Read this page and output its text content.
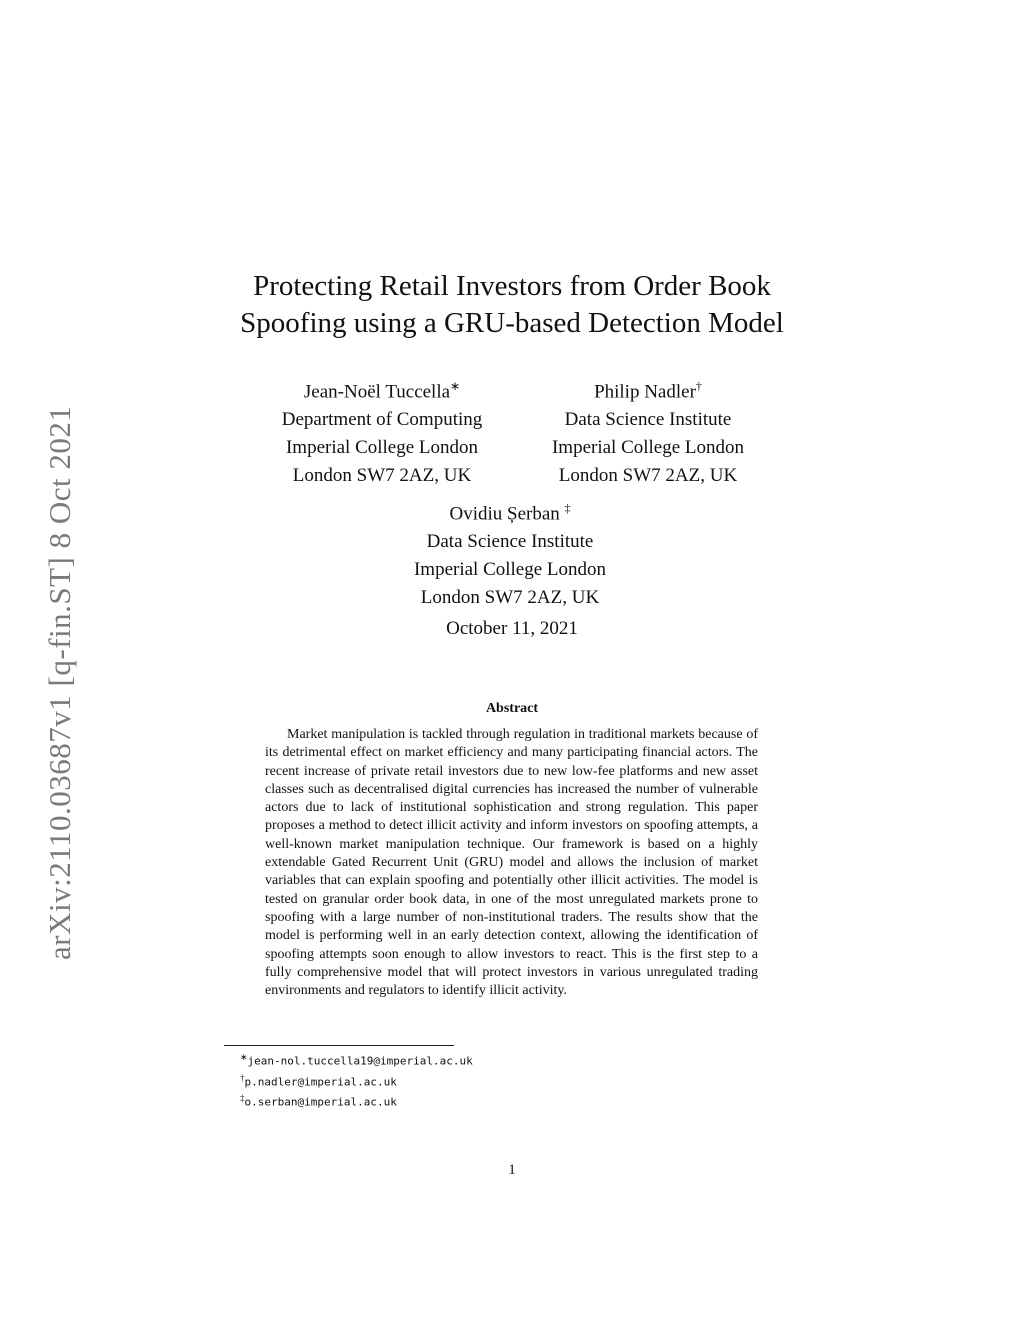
arXiv:2110.03687v1 [q-fin.ST] 8 Oct 2021
Protecting Retail Investors from Order Book
Spoofing using a GRU-based Detection Model
Jean-Noël Tuccella∗
Department of Computing
Imperial College London
London SW7 2AZ, UK
Philip Nadler†
Data Science Institute
Imperial College London
London SW7 2AZ, UK
Ovidiu Șerban ‡
Data Science Institute
Imperial College London
London SW7 2AZ, UK
October 11, 2021
Abstract
Market manipulation is tackled through regulation in traditional markets because of its detrimental effect on market efficiency and many participating financial actors. The recent increase of private retail investors due to new low-fee platforms and new asset classes such as decentralised digital currencies has increased the number of vulnerable actors due to lack of institutional sophistication and strong regulation. This paper proposes a method to detect illicit activity and inform investors on spoofing attempts, a well-known market manipulation technique. Our framework is based on a highly extendable Gated Recurrent Unit (GRU) model and allows the inclusion of market variables that can explain spoofing and potentially other illicit activities. The model is tested on granular order book data, in one of the most unregulated markets prone to spoofing with a large number of non-institutional traders. The results show that the model is performing well in an early detection context, allowing the identification of spoofing attempts soon enough to allow investors to react. This is the first step to a fully comprehensive model that will protect investors in various unregulated trading environments and regulators to identify illicit activity.
∗jean-nol.tuccella19@imperial.ac.uk
†p.nadler@imperial.ac.uk
‡o.serban@imperial.ac.uk
1
